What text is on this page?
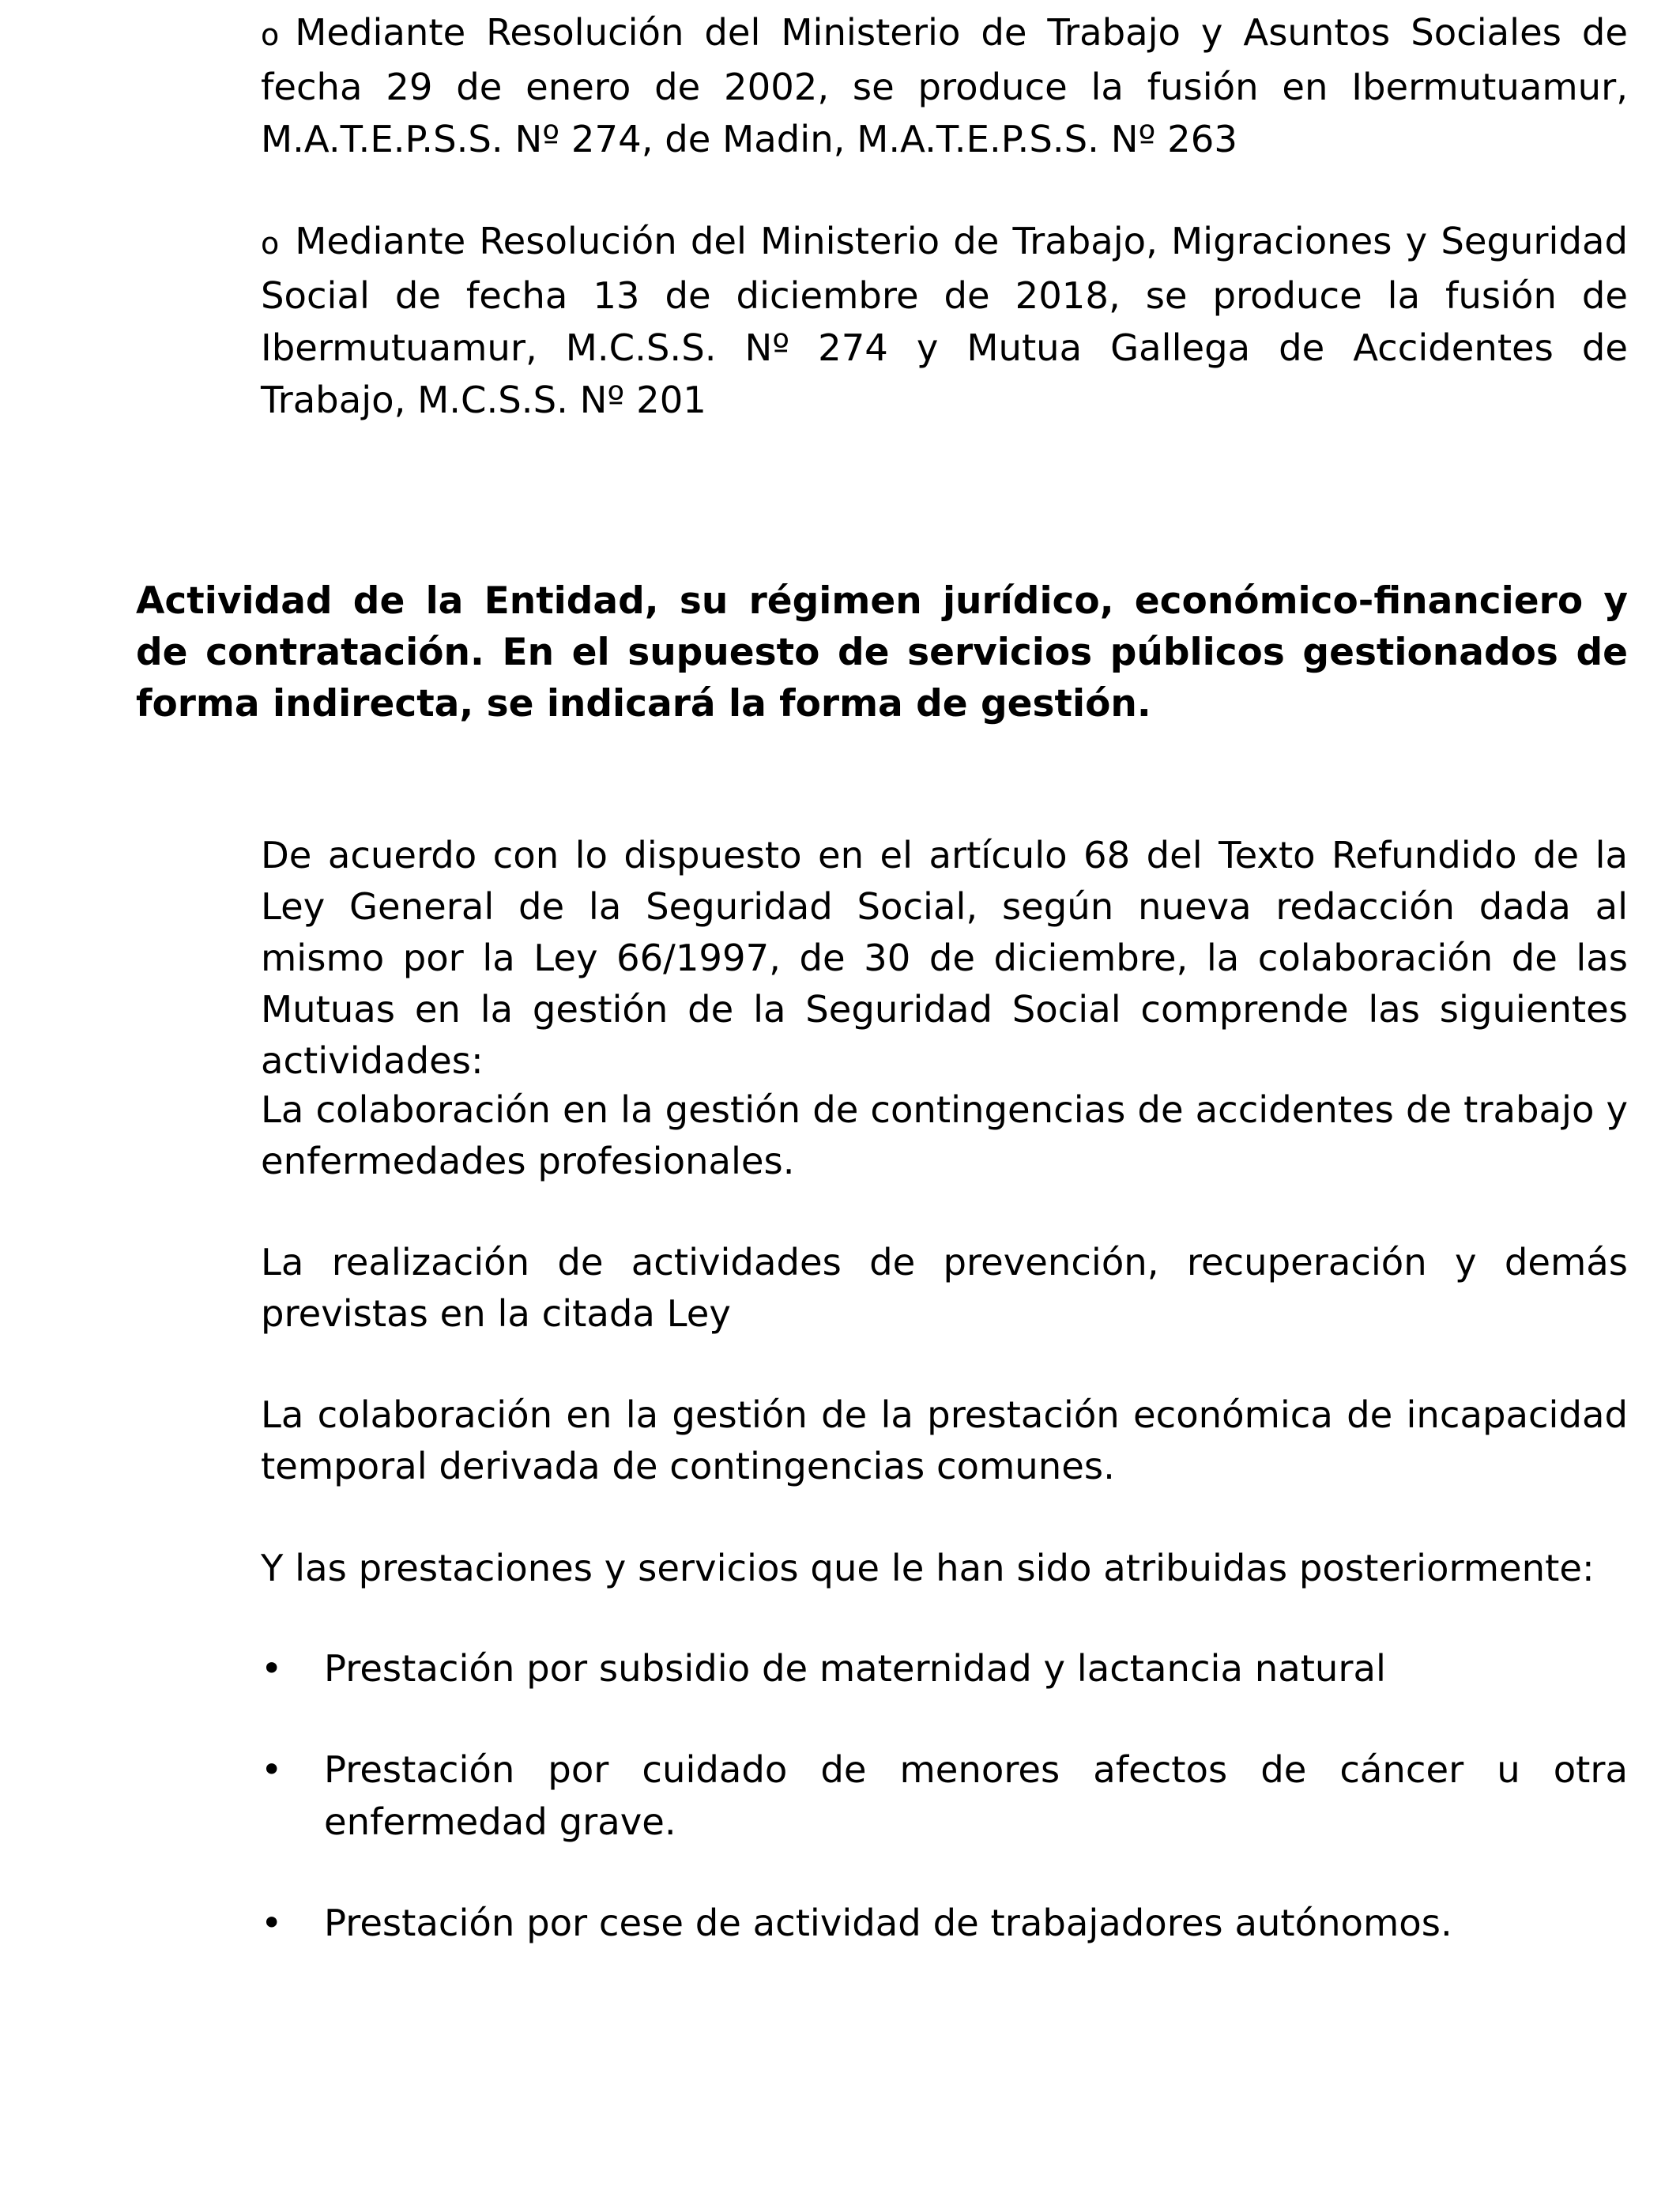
o Mediante Resolución del Ministerio de Trabajo y Asuntos Sociales de fecha 29 de enero de 2002, se produce la fusión en Ibermutuamur, M.A.T.E.P.S.S. Nº 274, de Madin, M.A.T.E.P.S.S. Nº 263
o Mediante Resolución del Ministerio de Trabajo, Migraciones y Seguridad Social de fecha 13 de diciembre de 2018, se produce la fusión de Ibermutuamur, M.C.S.S. Nº 274 y Mutua Gallega de Accidentes de Trabajo, M.C.S.S. Nº 201
Actividad de la Entidad, su régimen jurídico, económico-financiero y de contratación. En el supuesto de servicios públicos gestionados de forma indirecta, se indicará la forma de gestión.
De acuerdo con lo dispuesto en el artículo 68 del Texto Refundido de la Ley General de la Seguridad Social, según nueva redacción dada al mismo por la Ley 66/1997, de 30 de diciembre, la colaboración de las Mutuas en la gestión de la Seguridad Social comprende las siguientes actividades:
La colaboración en la gestión de contingencias de accidentes de trabajo y enfermedades profesionales.
La realización de actividades de prevención, recuperación y demás previstas en la citada Ley
La colaboración en la gestión de la prestación económica de incapacidad temporal derivada de contingencias comunes.
Y las prestaciones y servicios que le han sido atribuidas posteriormente:
•	Prestación por subsidio de maternidad y lactancia natural
•	Prestación por cuidado de menores afectos de cáncer u otra enfermedad grave.
•	Prestación por cese de actividad de trabajadores autónomos.
